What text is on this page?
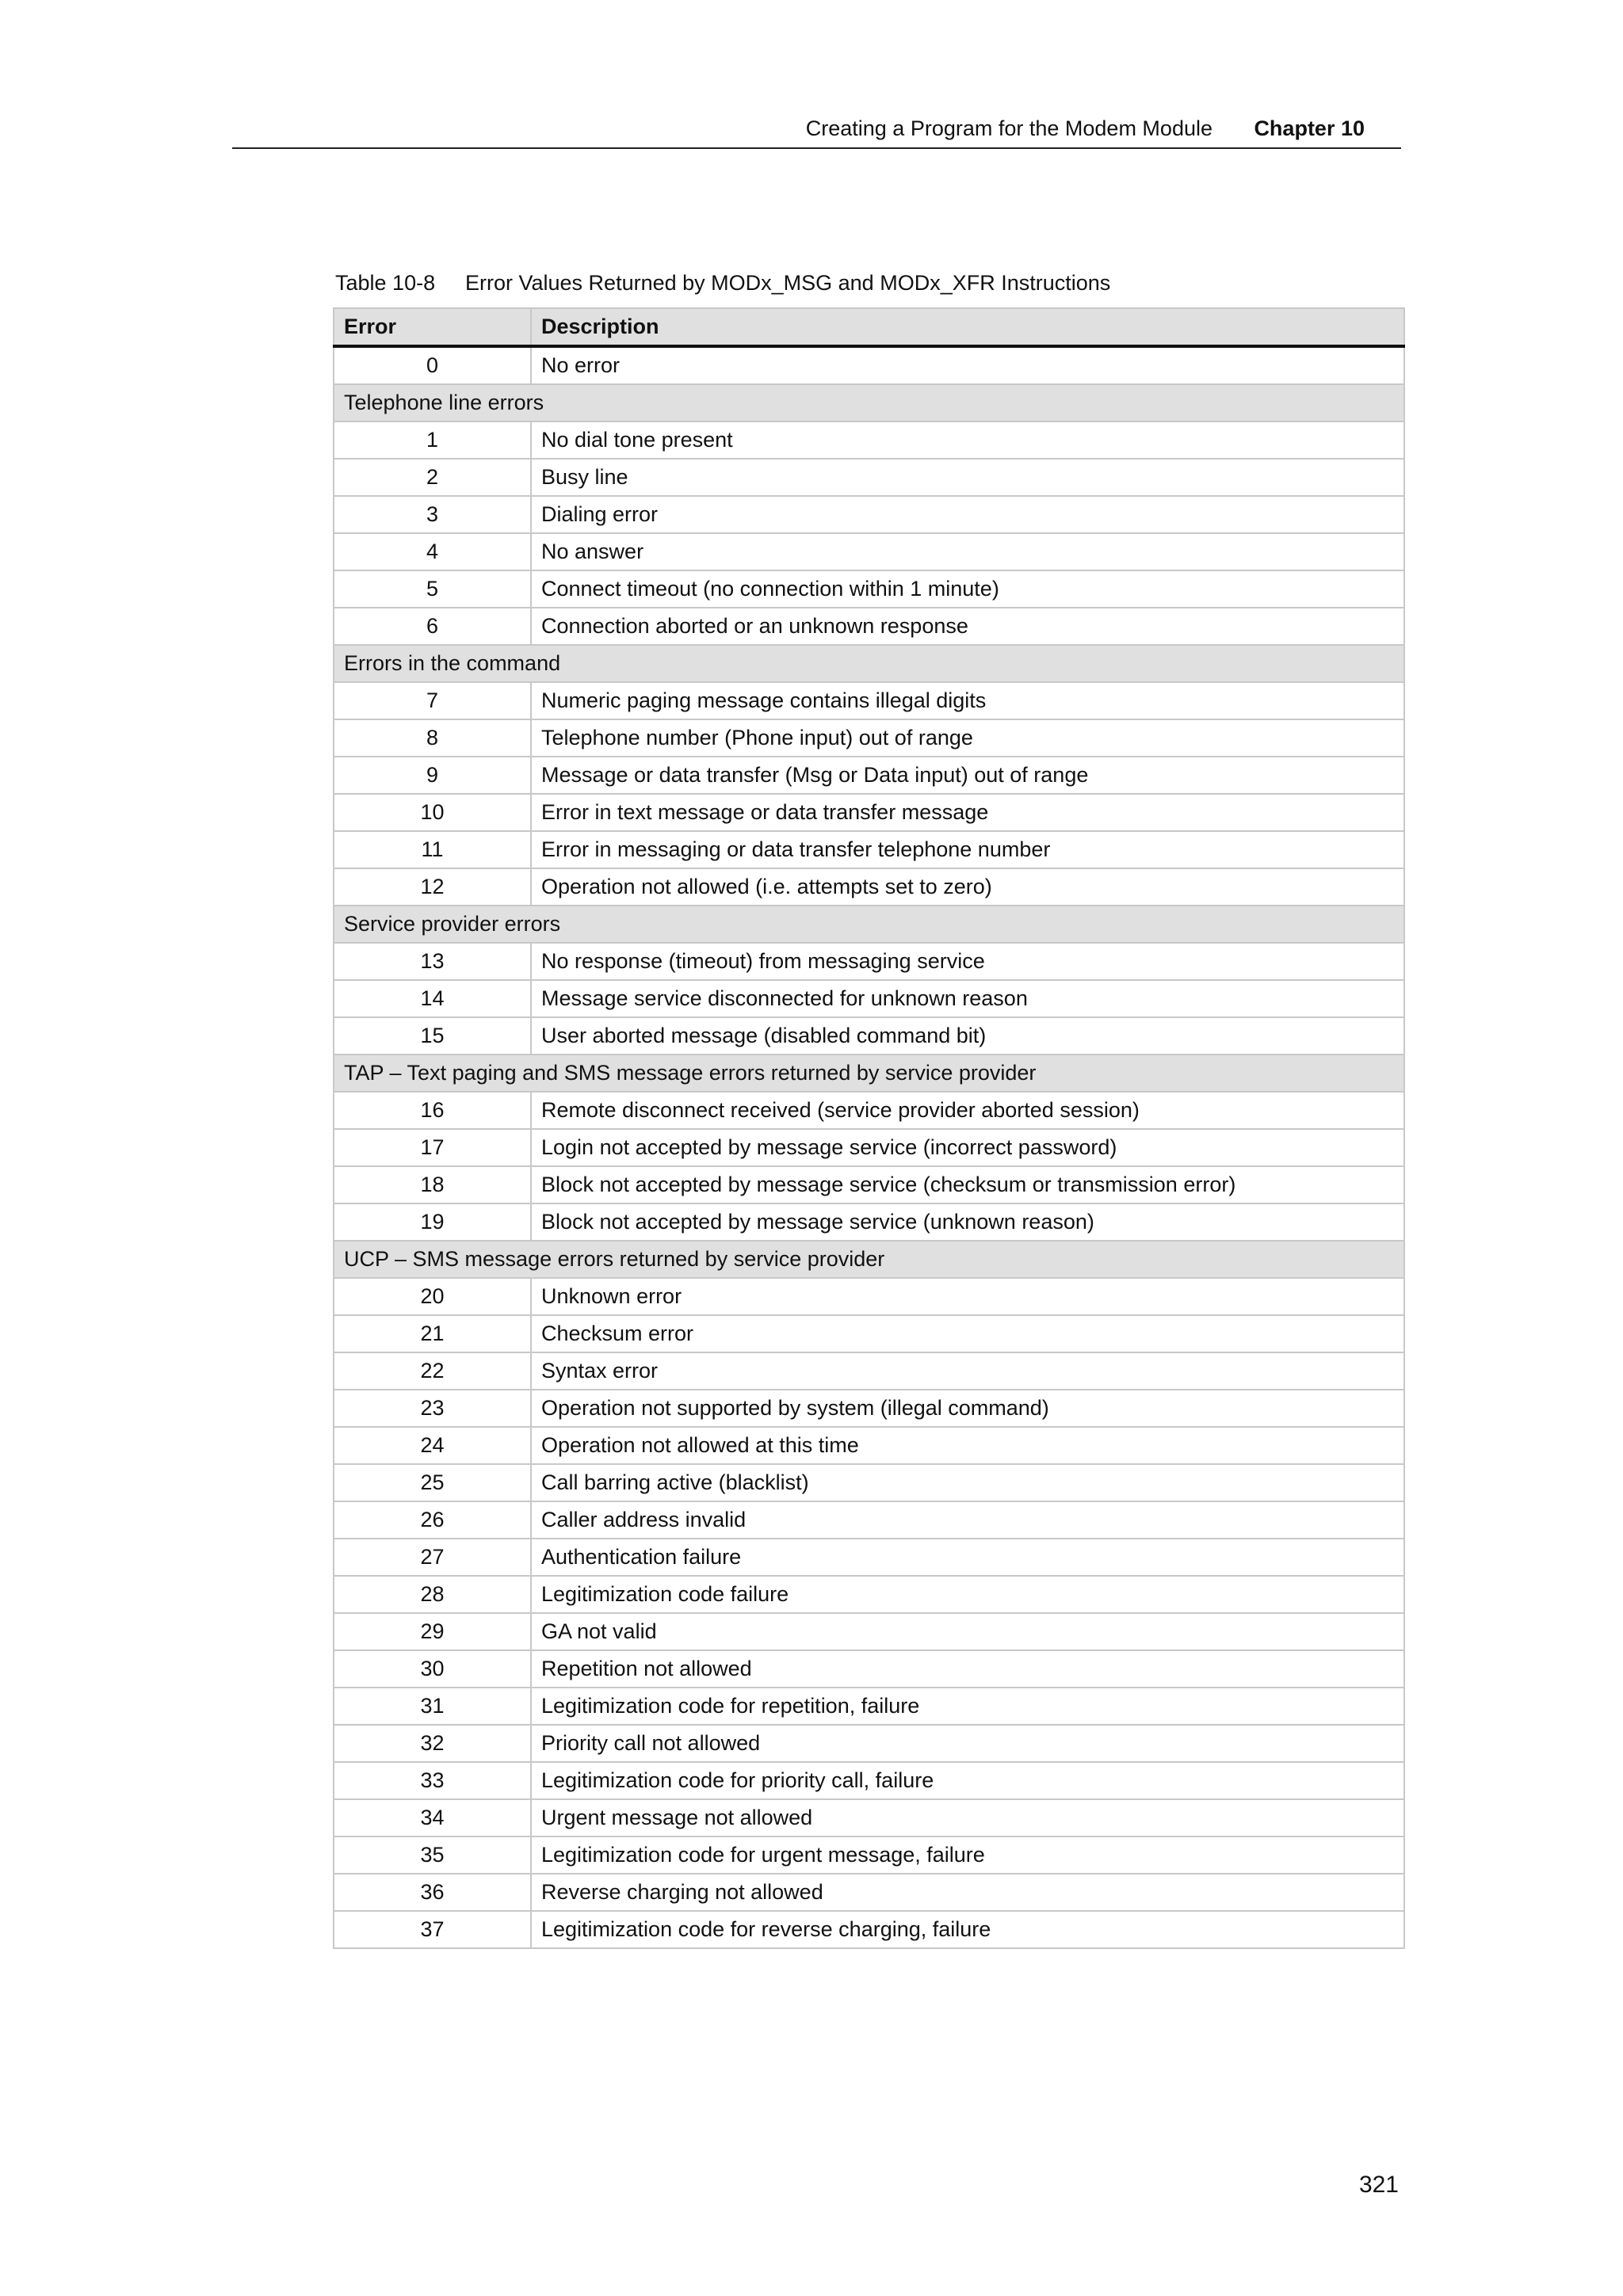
Creating a Program for the Modem Module Chapter 10
Table 10-8 Error Values Returned by MODx_MSG and MODx_XFR Instructions
Error	Description
0	No error
Telephone line errors	
1	No dial tone present
2	Busy line
3	Dialing error
4	No answer
5	Connect timeout (no connection within 1 minute)
6	Connection aborted or an unknown response
Errors in the command	
7	Numeric paging message contains illegal digits
8	Telephone number (Phone input) out of range
9	Message or data transfer (Msg or Data input) out of range
10	Error in text message or data transfer message
11	Error in messaging or data transfer telephone number
12	Operation not allowed (i.e. attempts set to zero)
Service provider errors	
13	No response (timeout) from messaging service
14	Message service disconnected for unknown reason
15	User aborted message (disabled command bit)
TAP – Text paging and SMS message errors returned by service provider	
16	Remote disconnect received (service provider aborted session)
17	Login not accepted by message service (incorrect password)
18	Block not accepted by message service (checksum or transmission error)
19	Block not accepted by message service (unknown reason)
UCP – SMS message errors returned by service provider	
20	Unknown error
21	Checksum error
22	Syntax error
23	Operation not supported by system (illegal command)
24	Operation not allowed at this time
25	Call barring active (blacklist)
26	Caller address invalid
27	Authentication failure
28	Legitimization code failure
29	GA not valid
30	Repetition not allowed
31	Legitimization code for repetition, failure
32	Priority call not allowed
33	Legitimization code for priority call, failure
34	Urgent message not allowed
35	Legitimization code for urgent message, failure
36	Reverse charging not allowed
37	Legitimization code for reverse charging, failure
321
